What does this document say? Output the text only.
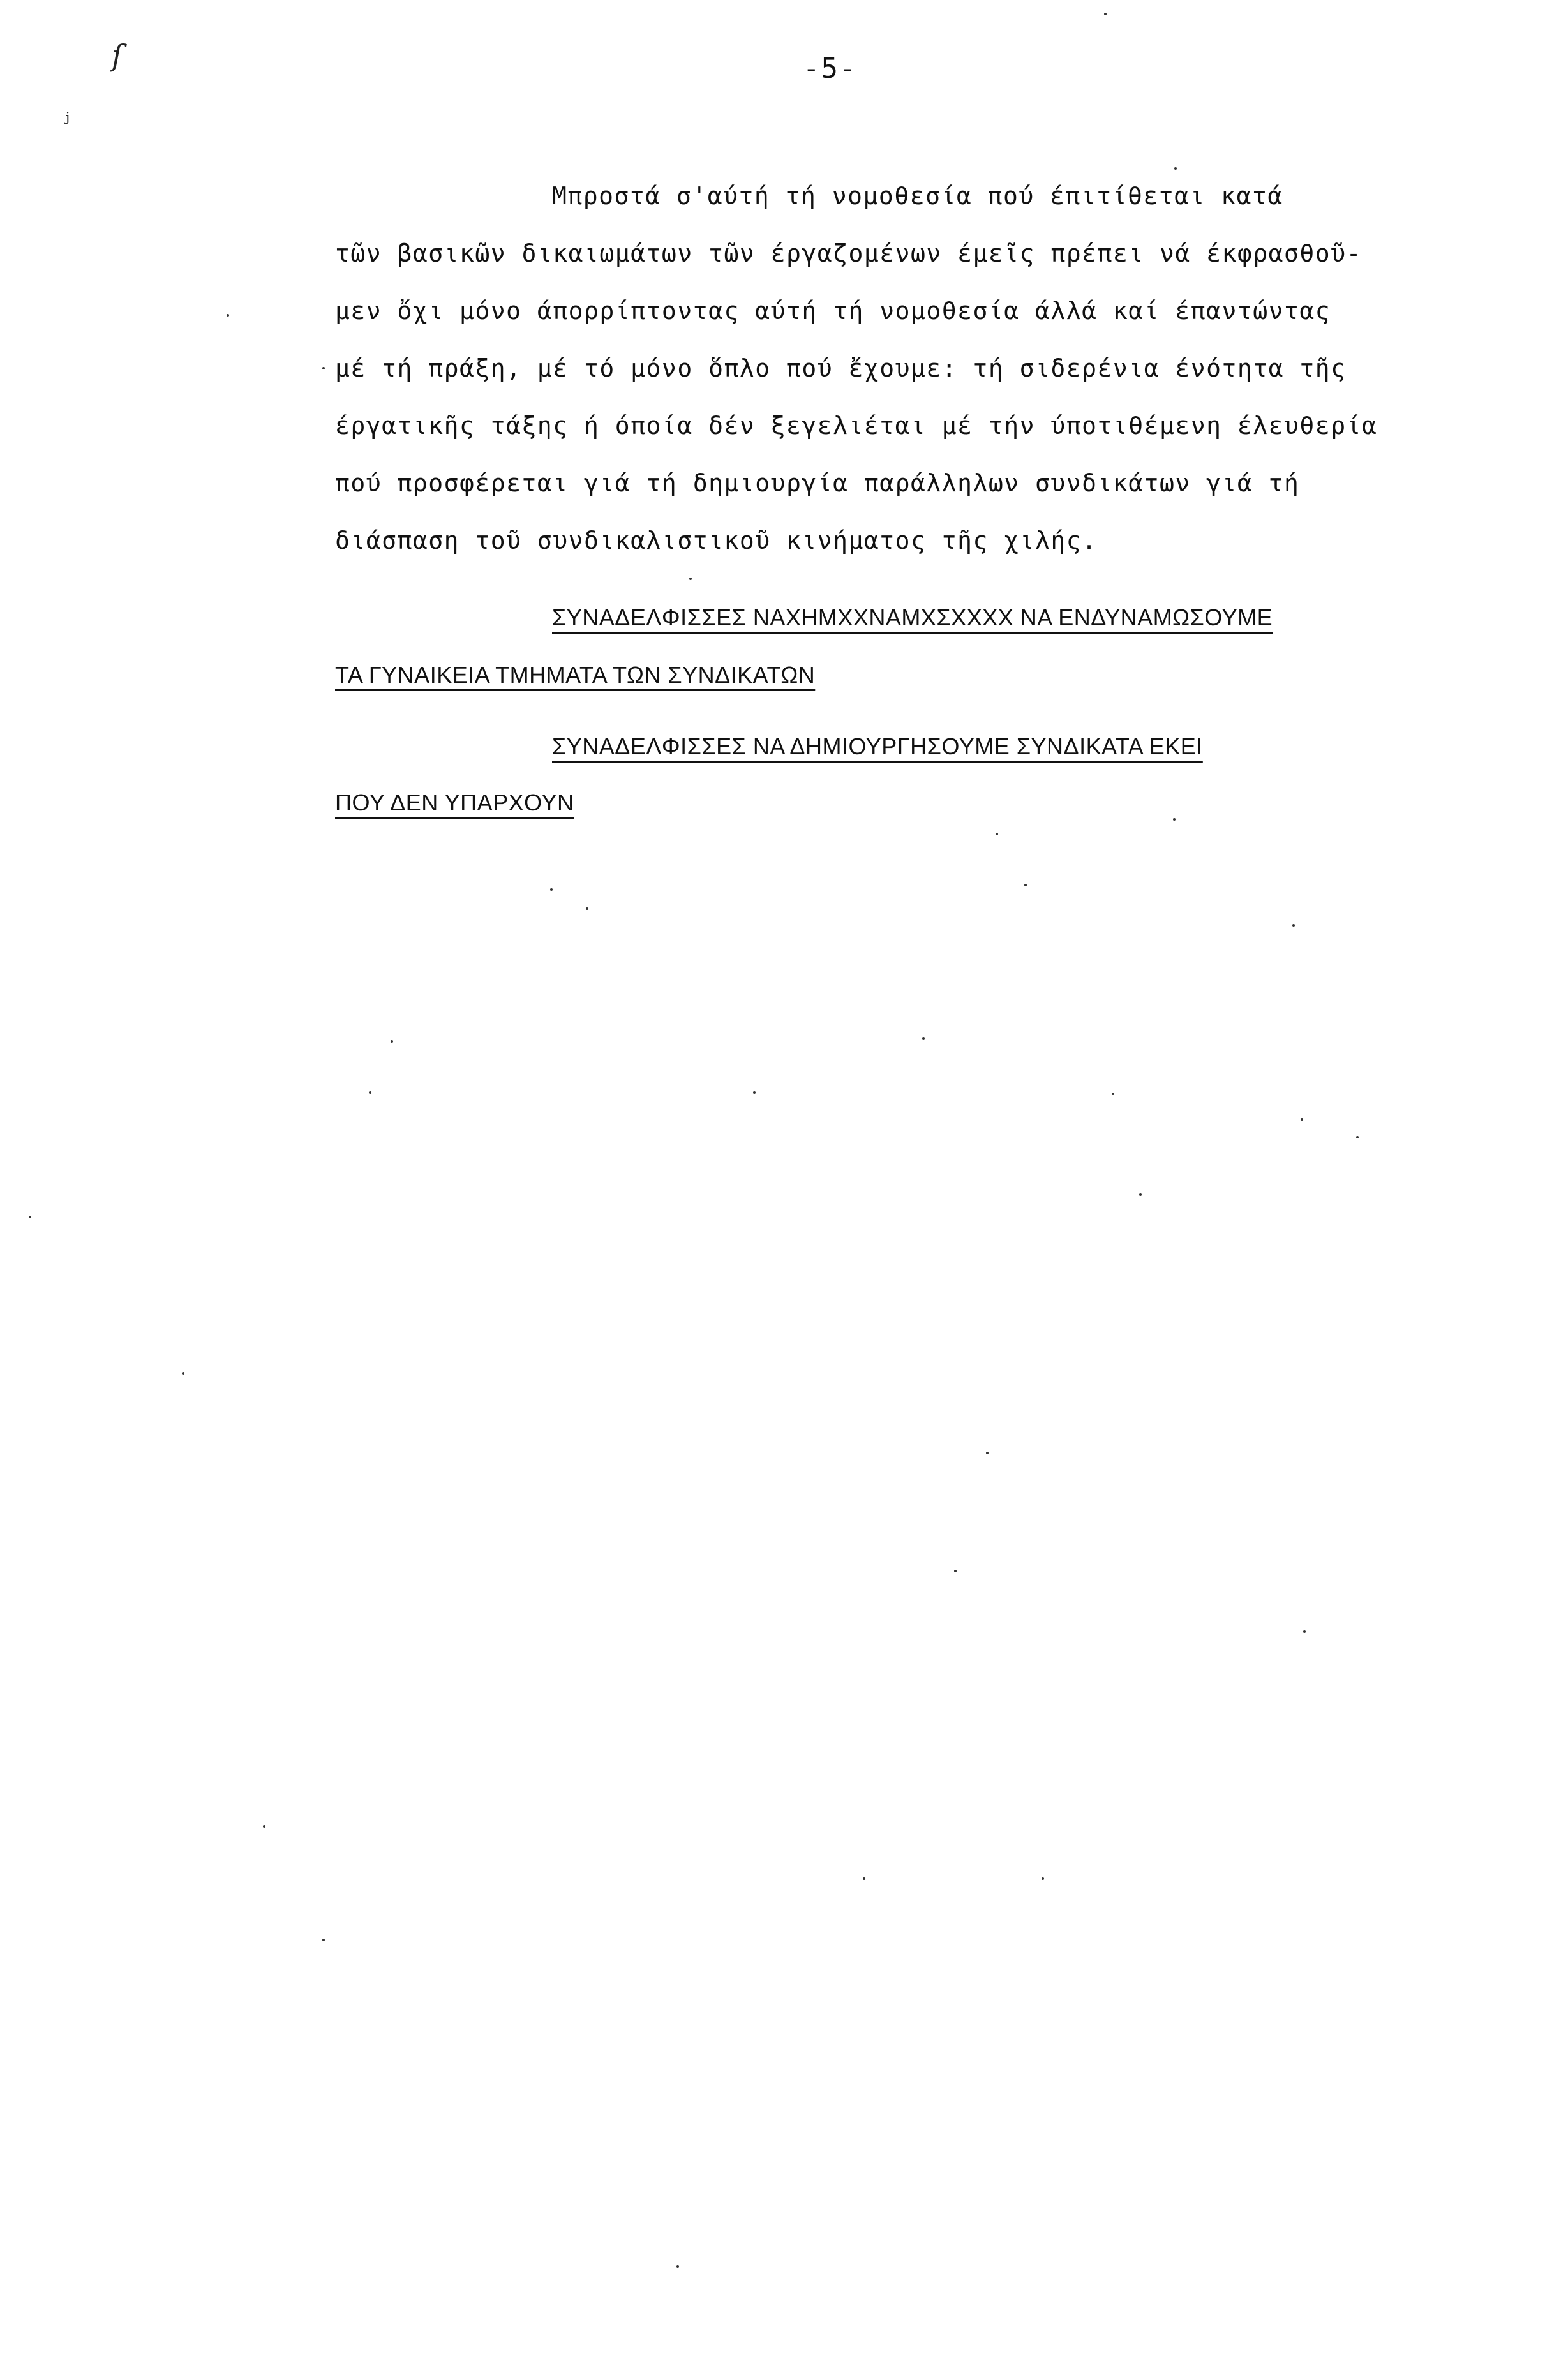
ſ
ʲ
-5-
Μπροστά σ'αύτή τή νομοθεσία πού έπιτίθεται κατά
τῶν βασικῶν δικαιωμάτων τῶν έργαζομένων έμεῖς πρέπει νά έκφρασθοῦ-
μεν ὄχι μόνο άπορρίπτοντας αύτή τή νομοθεσία άλλά καί έπαντώντας
μέ τή πράξη, μέ τό μόνο ὅπλο πού ἔχουμε: τή σιδερένια ένότητα τῆς
έργατικῆς τάξης ή όποία δέν ξεγελιέται μέ τήν ύποτιθέμενη έλευθερία
πού προσφέρεται γιά τή δημιουργία παράλληλων συνδικάτων γιά τή
διάσπαση τοῦ συνδικαλιστικοῦ κινήματος τῆς χιλής.
ΣΥΝΑΔΕΛΦΙΣΣΕΣ ΝΑΧΗΜΧΧΝΑΜΧΣΧΧΧΧ ΝΑ ΕΝΔΥΝΑΜΩΣΟΥΜΕ
ΤΑ ΓΥΝΑΙΚΕΙΑ ΤΜΗΜΑΤΑ ΤΩΝ ΣΥΝΔΙΚΑΤΩΝ
ΣΥΝΑΔΕΛΦΙΣΣΕΣ ΝΑ ΔΗΜΙΟΥΡΓΗΣΟΥΜΕ ΣΥΝΔΙΚΑΤΑ ΕΚΕΙ
ΠΟΥ ΔΕΝ ΥΠΑΡΧΟΥΝ
